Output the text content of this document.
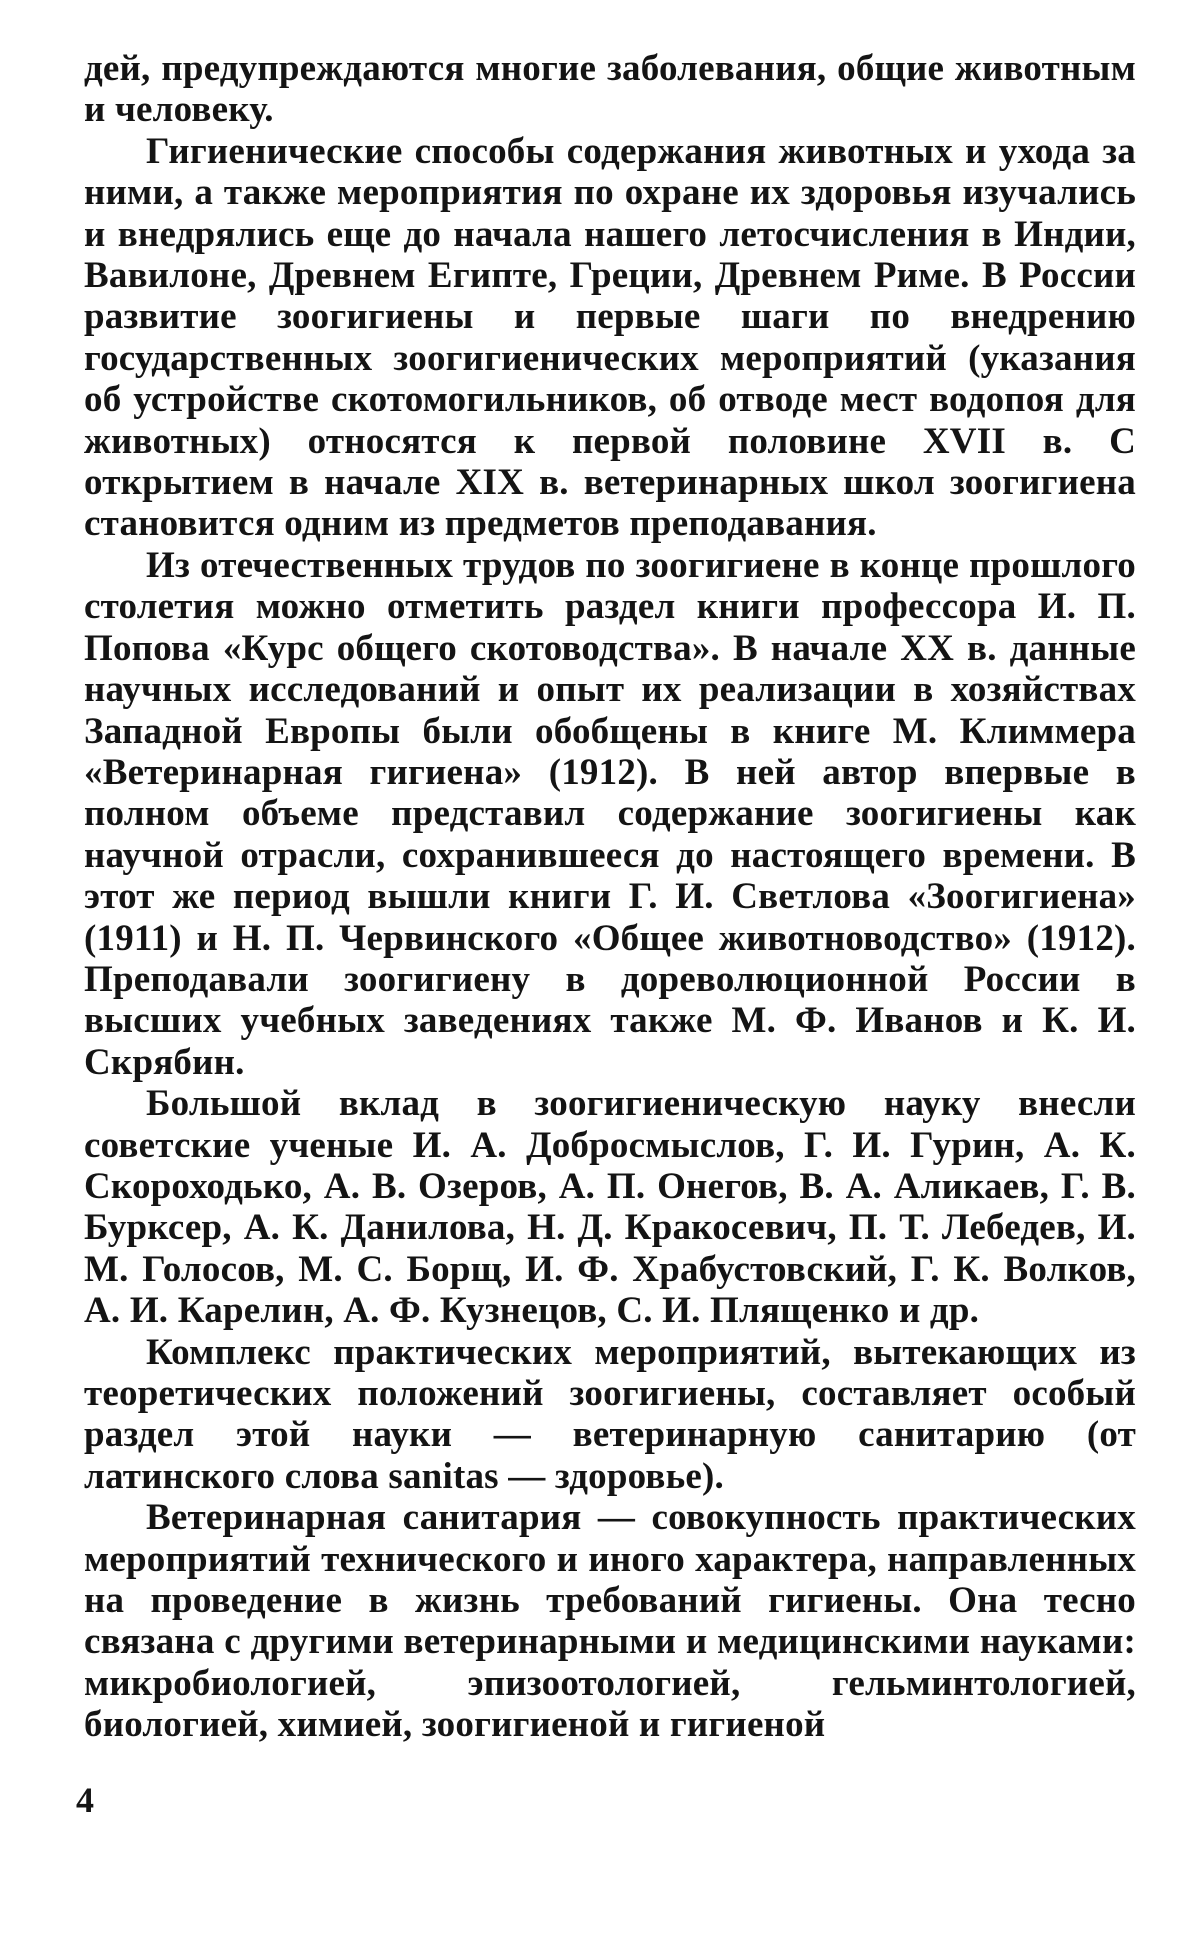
дей, предупреждаются многие заболевания, общие животным и человеку.

Гигиенические способы содержания животных и ухода за ними, а также мероприятия по охране их здоровья изучались и внедрялись еще до начала нашего летосчисления в Индии, Вавилоне, Древнем Египте, Греции, Древнем Риме. В России развитие зоогигиены и первые шаги по внедрению государственных зоогигиенических мероприятий (указания об устройстве скотомогильников, об отводе мест водопоя для животных) относятся к первой половине XVII в. С открытием в начале XIX в. ветеринарных школ зоогигиена становится одним из предметов преподавания.

Из отечественных трудов по зоогигиене в конце прошлого столетия можно отметить раздел книги профессора И. П. Попова «Курс общего скотоводства». В начале XX в. данные научных исследований и опыт их реализации в хозяйствах Западной Европы были обобщены в книге М. Климмера «Ветеринарная гигиена» (1912). В ней автор впервые в полном объеме представил содержание зоогигиены как научной отрасли, сохранившееся до настоящего времени. В этот же период вышли книги Г. И. Светлова «Зоогигиена» (1911) и Н. П. Червинского «Общее животноводство» (1912). Преподавали зоогигиену в дореволюционной России в высших учебных заведениях также М. Ф. Иванов и К. И. Скрябин.

Большой вклад в зоогигиеническую науку внесли советские ученые И. А. Добросмыслов, Г. И. Гурин, А. К. Скороходько, А. В. Озеров, А. П. Онегов, В. А. Аликаев, Г. В. Бурксер, А. К. Данилова, Н. Д. Кракосевич, П. Т. Лебедев, И. М. Голосов, М. С. Борщ, И. Ф. Храбустовский, Г. К. Волков, А. И. Карелин, А. Ф. Кузнецов, С. И. Плященко и др.

Комплекс практических мероприятий, вытекающих из теоретических положений зоогигиены, составляет особый раздел этой науки — ветеринарную санитарию (от латинского слова sanitas — здоровье).

Ветеринарная санитария — совокупность практических мероприятий технического и иного характера, направленных на проведение в жизнь требований гигиены. Она тесно связана с другими ветеринарными и медицинскими науками: микробиологией, эпизоотологией, гельминтологией, биологией, химией, зоогигиеной и гигиеной

4
